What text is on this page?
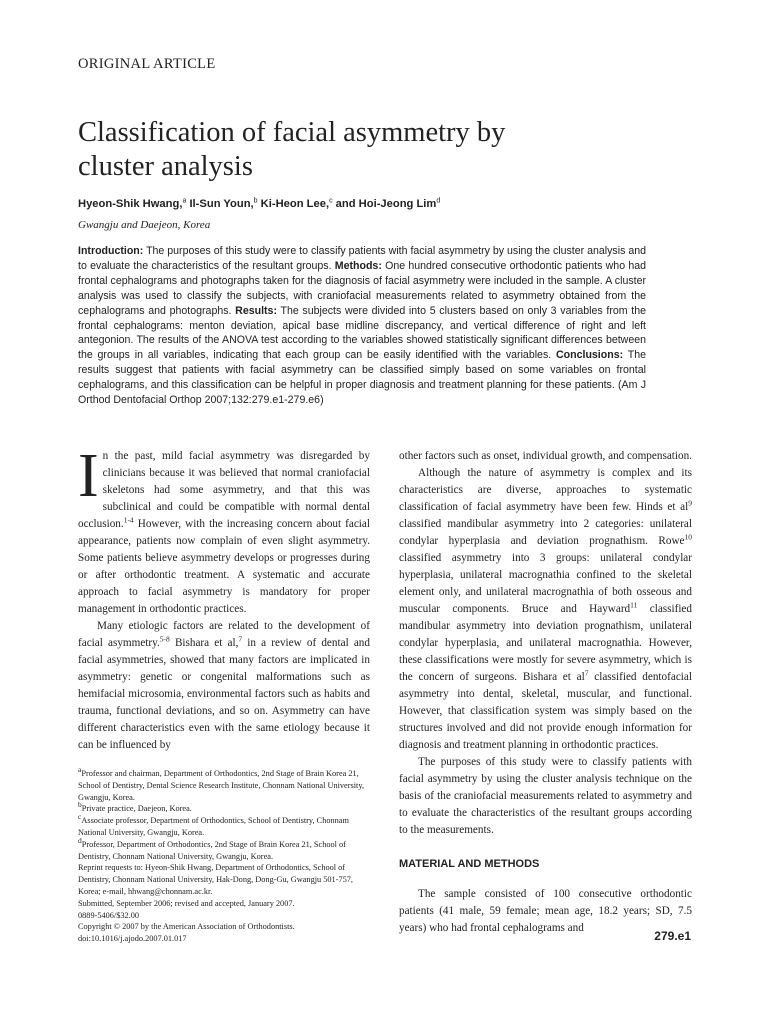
ORIGINAL ARTICLE
Classification of facial asymmetry by
cluster analysis
Hyeon-Shik Hwang,$^a$ Il-Sun Youn,$^b$ Ki-Heon Lee,$^c$ and Hoi-Jeong Lim$^d$
Gwangju and Daejeon, Korea

Introduction: The purposes of this study were to classify patients with facial asymmetry by using the cluster analysis and to evaluate the characteristics of the resultant groups. Methods: One hundred consecutive orthodontic patients who had frontal cephalograms and photographs taken for the diagnosis of facial asymmetry were included in the sample. A cluster analysis was used to classify the subjects, with craniofacial measurements related to asymmetry obtained from the cephalograms and photographs. Results: The subjects were divided into 5 clusters based on only 3 variables from the frontal cephalograms: menton deviation, apical base midline discrepancy, and vertical difference of right and left antegonion. The results of the ANOVA test according to the variables showed statistically significant differences between the groups in all variables, indicating that each group can be easily identified with the variables. Conclusions: The results suggest that patients with facial asymmetry can be classified simply based on some variables on frontal cephalograms, and this classification can be helpful in proper diagnosis and treatment planning for these patients. (Am J Orthod Dentofacial Orthop 2007;132:279.e1-279.e6)

In the past, mild facial asymmetry was disregarded by clinicians because it was believed that normal craniofacial skeletons had some asymmetry, and that this was subclinical and could be compatible with normal dental occlusion.$^{1-4}$ However, with the increasing concern about facial appearance, patients now complain of even slight asymmetry. Some patients believe asymmetry develops or progresses during or after orthodontic treatment. A systematic and accurate approach to facial asymmetry is mandatory for proper management in orthodontic practices.

Many etiologic factors are related to the development of facial asymmetry.$^{5-8}$ Bishara et al,$^7$ in a review of dental and facial asymmetries, showed that many factors are implicated in asymmetry: genetic or congenital malformations such as hemifacial microsomia, environmental factors such as habits and trauma, functional deviations, and so on. Asymmetry can have different characteristics even with the same etiology because it can be influenced by

$^a$Professor and chairman, Department of Orthodontics, 2nd Stage of Brain Korea 21, School of Dentistry, Dental Science Research Institute, Chonnam National University, Gwangju, Korea.
$^b$Private practice, Daejeon, Korea.
$^c$Associate professor, Department of Orthodontics, School of Dentistry, Chonnam National University, Gwangju, Korea.
$^d$Professor, Department of Orthodontics, 2nd Stage of Brain Korea 21, School of Dentistry, Chonnam National University, Gwangju, Korea.
Reprint requests to: Hyeon-Shik Hwang, Department of Orthodontics, School of Dentistry, Chonnam National University, Hak-Dong, Dong-Gu, Gwangju 501-757, Korea; e-mail, hhwang@chonnam.ac.kr.
Submitted, September 2006; revised and accepted, January 2007.
0889-5406/$32.00
Copyright © 2007 by the American Association of Orthodontists.
doi:10.1016/j.ajodo.2007.01.017

other factors such as onset, individual growth, and compensation.

Although the nature of asymmetry is complex and its characteristics are diverse, approaches to systematic classification of facial asymmetry have been few. Hinds et $al^9$ classified mandibular asymmetry into 2 categories: unilateral condylar hyperplasia and deviation prognathism. Rowe$^{10}$ classified asymmetry into 3 groups: unilateral condylar hyperplasia, unilateral macrognathia confined to the skeletal element only, and unilateral macrognathia of both osseous and muscular components. Bruce and Hayward$^{11}$ classified mandibular asymmetry into deviation prognathism, unilateral condylar hyperplasia, and unilateral macrognathia. However, these classifications were mostly for severe asymmetry, which is the concern of surgeons. Bishara et $al^7$ classified dentofacial asymmetry into dental, skeletal, muscular, and functional. However, that classification system was simply based on the structures involved and did not provide enough information for diagnosis and treatment planning in orthodontic practices.

The purposes of this study were to classify patients with facial asymmetry by using the cluster analysis technique on the basis of the craniofacial measurements related to asymmetry and to evaluate the characteristics of the resultant groups according to the measurements.

MATERIAL AND METHODS

The sample consisted of 100 consecutive orthodontic patients (41 male, 59 female; mean age, 18.2 years; SD, 7.5 years) who had frontal cephalograms and

279.e1
